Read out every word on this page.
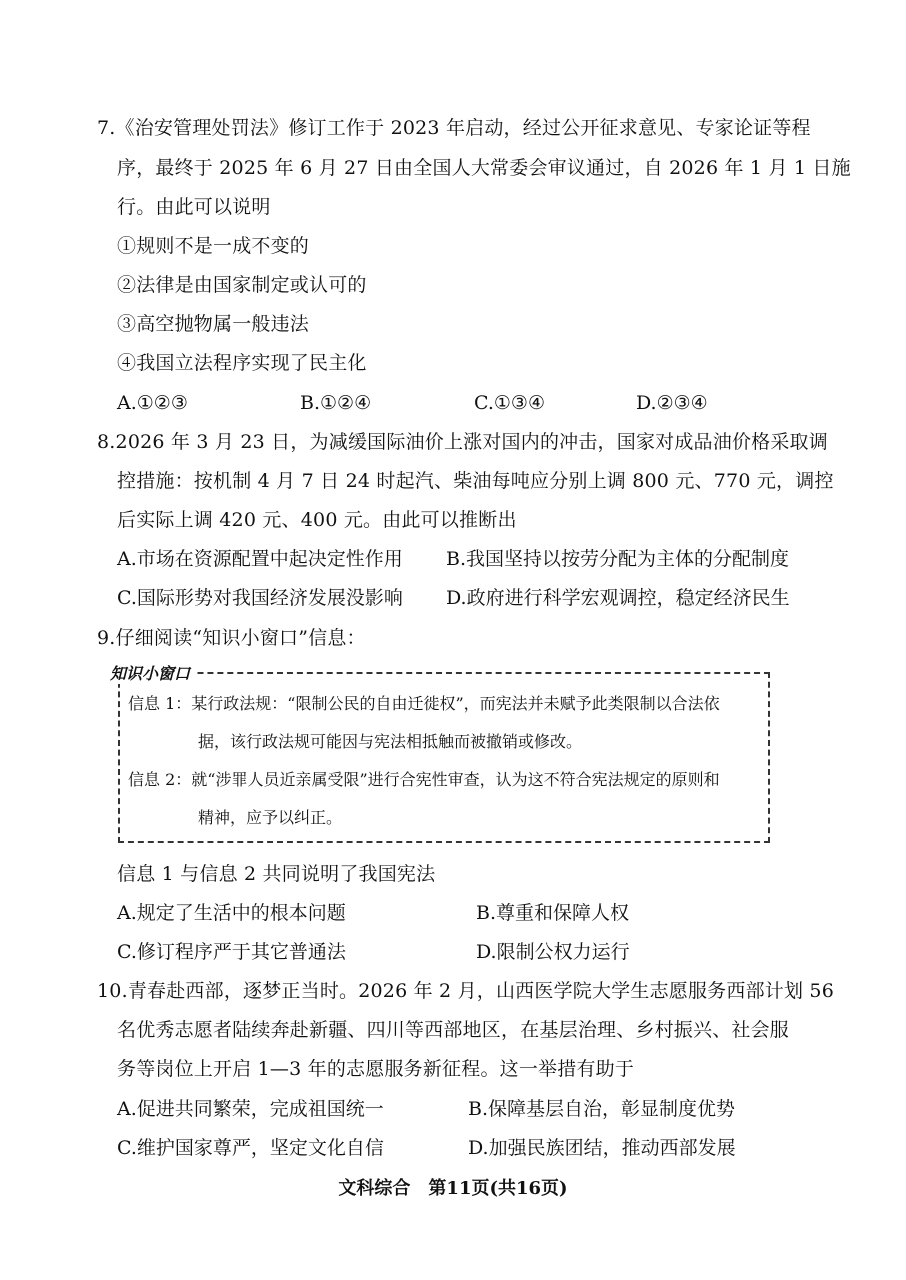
7.《治安管理处罚法》修订工作于 2023 年启动，经过公开征求意见、专家论证等程
序，最终于 2025 年 6 月 27 日由全国人大常委会审议通过，自 2026 年 1 月 1 日施
行。由此可以说明
①规则不是一成不变的
②法律是由国家制定或认可的
③高空抛物属一般违法
④我国立法程序实现了民主化
A.①②③	B.①②④	C.①③④	D.②③④
8.2026 年 3 月 23 日，为减缓国际油价上涨对国内的冲击，国家对成品油价格采取调
控措施：按机制 4 月 7 日 24 时起汽、柴油每吨应分别上调 800 元、770 元，调控
后实际上调 420 元、400 元。由此可以推断出
A.市场在资源配置中起决定性作用 B.我国坚持以按劳分配为主体的分配制度
C.国际形势对我国经济发展没影响 D.政府进行科学宏观调控，稳定经济民生
9.仔细阅读“知识小窗口”信息：
知识小窗口
信息 1：某行政法规：“限制公民的自由迁徙权”，而宪法并未赋予此类限制以合法依
据，该行政法规可能因与宪法相抵触而被撤销或修改。
信息 2：就“涉罪人员近亲属受限”进行合宪性审查，认为这不符合宪法规定的原则和
精神，应予以纠正。
信息 1 与信息 2 共同说明了我国宪法
A.规定了生活中的根本问题	B.尊重和保障人权
C.修订程序严于其它普通法	D.限制公权力运行
10.青春赴西部，逐梦正当时。2026 年 2 月，山西医学院大学生志愿服务西部计划 56
名优秀志愿者陆续奔赴新疆、四川等西部地区，在基层治理、乡村振兴、社会服
务等岗位上开启 1—3 年的志愿服务新征程。这一举措有助于
A.促进共同繁荣，完成祖国统一	B.保障基层自治，彰显制度优势
C.维护国家尊严，坚定文化自信	D.加强民族团结，推动西部发展
文科综合　第11页(共16页)
